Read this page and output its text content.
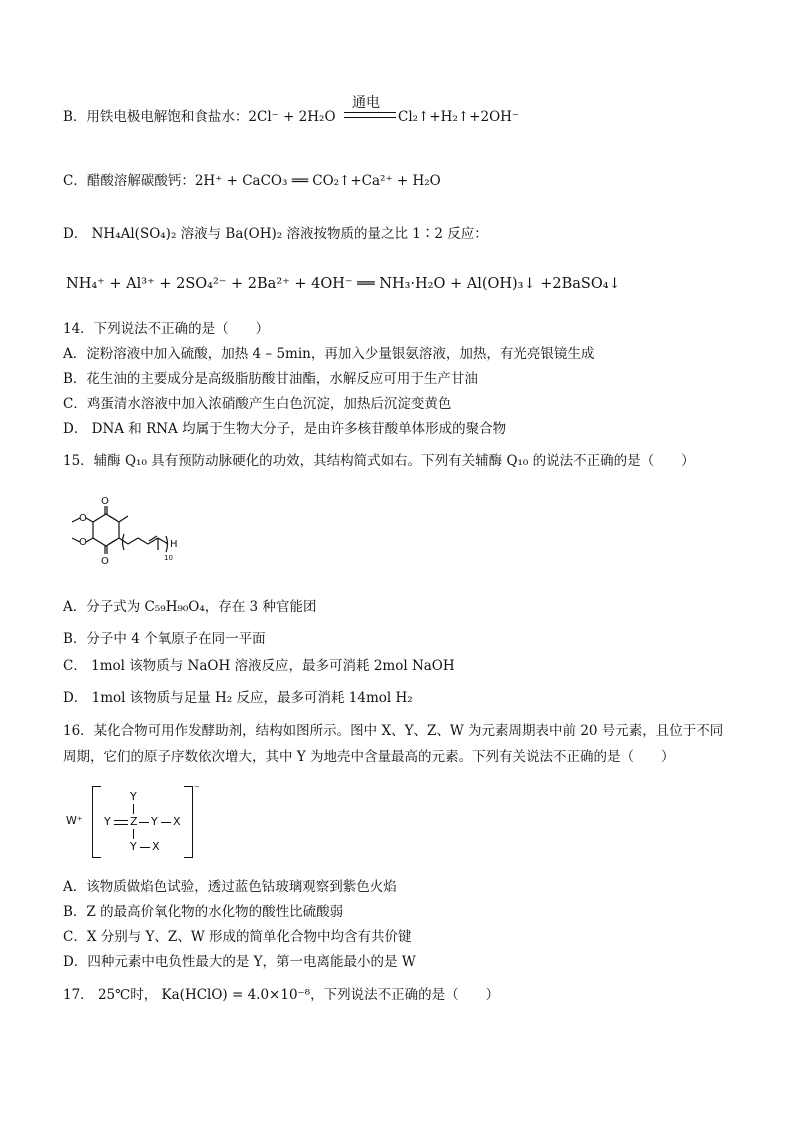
B．用铁电极电解饱和食盐水：2Cl⁻ + 2H₂O
通电
Cl₂↑+H₂↑+2OH⁻
C．醋酸溶解碳酸钙：2H⁺ + CaCO₃ ══ CO₂↑+Ca²⁺ + H₂O
D． NH₄Al(SO₄)₂ 溶液与 Ba(OH)₂ 溶液按物质的量之比 1∶2 反应：
NH₄⁺ + Al³⁺ + 2SO₄²⁻ + 2Ba²⁺ + 4OH⁻ ══ NH₃·H₂O + Al(OH)₃↓ +2BaSO₄↓
14．下列说法不正确的是（　　）
A．淀粉溶液中加入硫酸，加热 4 – 5min，再加入少量银氨溶液，加热，有光亮银镜生成
B．花生油的主要成分是高级脂肪酸甘油酯，水解反应可用于生产甘油
C．鸡蛋清水溶液中加入浓硝酸产生白色沉淀，加热后沉淀变黄色
D． DNA 和 RNA 均属于生物大分子，是由许多核苷酸单体形成的聚合物
15．辅酶 Q₁₀ 具有预防动脉硬化的功效，其结构简式如右。下列有关辅酶 Q₁₀ 的说法不正确的是（　　）
O
O
O
O	H
10
A．分子式为 C₅₉H₉₀O₄，存在 3 种官能团
B．分子中 4 个氧原子在同一平面
C． 1mol 该物质与 NaOH 溶液反应，最多可消耗 2mol NaOH
D． 1mol 该物质与足量 H₂ 反应，最多可消耗 14mol H₂
16．某化合物可用作发酵助剂，结构如图所示。图中 X、Y、Z、W 为元素周期表中前 20 号元素，且位于不同
周期，它们的原子序数依次增大，其中 Y 为地壳中含量最高的元素。下列有关说法不正确的是（　　）
W⁺
⁻
Y
Y Z Y X
Y X
A．该物质做焰色试验，透过蓝色钴玻璃观察到紫色火焰
B．Z 的最高价氧化物的水化物的酸性比硫酸弱
C．X 分别与 Y、Z、W 形成的简单化合物中均含有共价键
D．四种元素中电负性最大的是 Y，第一电离能最小的是 W
17． 25℃时， Ka(HClO) = 4.0×10⁻⁸，下列说法不正确的是（　　）
